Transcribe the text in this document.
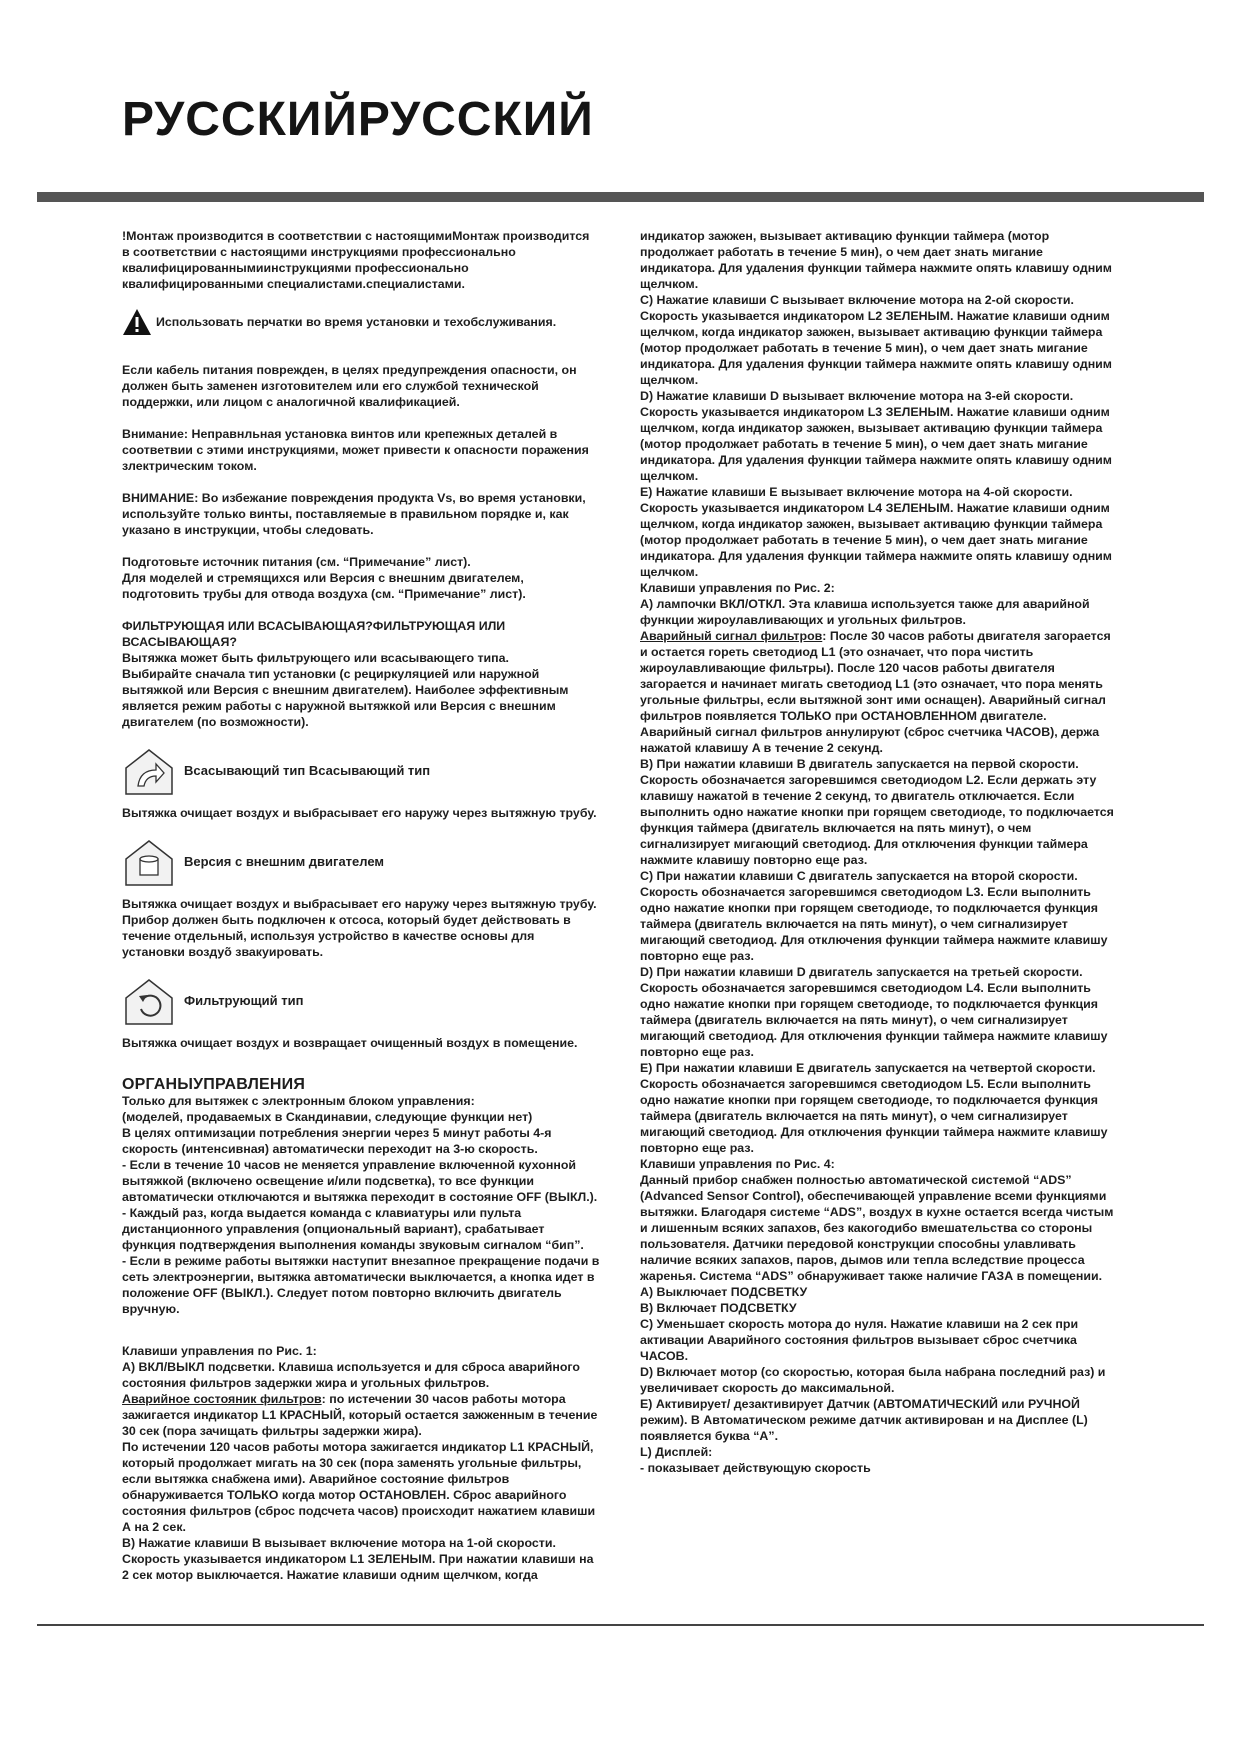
РУССКИЙРУССКИЙ

!Монтаж производится в соответствии с настоящимиМонтаж производится в соответствии с настоящими инструкциями профессионально квалифицированнымиинструкциями профессионально квалифицированными специалистами.специалистами.

Использовать перчатки во время установки и техобслуживания.

Если кабель питания поврежден, в целях предупреждения опасности, он должен быть заменен изготовителем или его службой технической поддержки, или лицом с аналогичной квалификацией.

Внимание: Неправнльная установка винтов или крепежных деталей в соответвии с этими инструкциями, может привести к опасности поражения злектрическим током.

ВНИМАНИЕ: Во избежание повреждения продукта Vs, во время установки, используйте только винты, поставляемые в правильном порядке и, как указано в инструкции, чтобы следовать.

Подготовьте источник питания (см. “Примечание” лист).

Для моделей и стремящихся или Версия с внешним двигателем, подготовить трубы для отвода воздуха (см. “Примечание” лист).

ФИЛЬТРУЮЩАЯ ИЛИ ВСАСЫВАЮЩАЯ?ФИЛЬТРУЮЩАЯ ИЛИ ВСАСЫВАЮЩАЯ?

Вытяжка может быть фильтрующего или всасывающего типа.

Выбирайте сначала тип установки (с рециркуляцией или наружной вытяжкой или Версия с внешним двигателем). Наиболее эффективным является режим работы с наружной вытяжкой или Версия с внешним двигателем (по возможности).

Всасывающий тип Всасывающий тип

Вытяжка очищает воздух и выбрасывает его наружу через вытяжную трубу.

Версия с внешним двигателем

Вытяжка очищает воздух и выбрасывает его наружу через вытяжную трубу. Прибор должен быть подключен к отсоса, который будет действовать в течение отдельный, используя устройство в качестве основы для установки воздуõ звакуировать.

Фильтрующий тип

Вытяжка очищает воздух и возвращает очищенный воздух в помещение.

ОРГАНЫУПРАВЛЕНИЯ

Только для вытяжек с электронным блоком управления:

(моделей, продаваемых в Скандинавии, следующие функции нет)

В целях оптимизации потребления энергии через 5 минут работы 4-я скорость (интенсивная) автоматически переходит на 3-ю скорость.

- Если в течение 10 часов не меняется управление включенной кухонной вытяжкой (включено освещение и/или подсветка), то все функции автоматически отключаются и вытяжка переходит в состояние OFF (ВЫКЛ.).

- Каждый раз, когда выдается команда с клавиатуры или пульта дистанционного управления (опциональный вариант), срабатывает функция подтверждения выполнения команды звуковым сигналом “бип”.

- Если в режиме работы вытяжки наступит внезапное прекращение подачи в сеть электроэнергии, вытяжка автоматически выключается, а кнопка идет в положение OFF (ВЫКЛ.). Следует потом повторно включить двигатель вручную.

Клавиши управления по Рис. 1:

A) ВКЛ/ВЫКЛ подсветки. Клавиша используется и для сброса аварийного состояния фильтров задержки жира и угольных фильтров.

Аварийное состояник фильтров: по истечении 30 часов работы мотора зажигается индикатор L1 КРАСНЫЙ, который остается зажженным в течение 30 сек (пора зачищать фильтры задержки жира).

По истечении 120 часов работы мотора зажигается индикатор L1 КРАСНЫЙ, который продолжает мигать на 30 сек (пора заменять угольные фильтры, если вытяжка снабжена ими). Аварийное состояние фильтров обнаруживается ТОЛЬКО когда мотор ОСТАНОВЛЕН. Сброс аварийного состояния фильтров (сброс подсчета часов) происходит нажатием клавиши А на 2 сек.

B) Нажатие клавиши B вызывает включение мотора на 1-ой скорости. Скорость указывается индикатором L1 ЗЕЛЕНЫМ. При нажатии клавиши на 2 сек мотор выключается. Нажатие клавиши одним щелчком, когда

индикатор зажжен, вызывает активацию функции таймера (мотор продолжает работать в течение 5 мин), о чем дает знать мигание индикатора. Для удаления функции таймера нажмите опять клавишу одним щелчком.

C) Нажатие клавиши C вызывает включение мотора на 2-ой скорости. Скорость указывается индикатором L2 ЗЕЛЕНЫМ. Нажатие клавиши одним щелчком, когда индикатор зажжен, вызывает активацию функции таймера (мотор продолжает работать в течение 5 мин), о чем дает знать мигание индикатора. Для удаления функции таймера нажмите опять клавишу одним щелчком.

D) Нажатие клавиши D вызывает включение мотора на 3-ей скорости. Скорость указывается индикатором L3 ЗЕЛЕНЫМ. Нажатие клавиши одним щелчком, когда индикатор зажжен, вызывает активацию функции таймера (мотор продолжает работать в течение 5 мин), о чем дает знать мигание индикатора. Для удаления функции таймера нажмите опять клавишу одним щелчком.

E) Нажатие клавиши E вызывает включение мотора на 4-ой скорости. Скорость указывается индикатором L4 ЗЕЛЕНЫМ. Нажатие клавиши одним щелчком, когда индикатор зажжен, вызывает активацию функции таймера (мотор продолжает работать в течение 5 мин), о чем дает знать мигание индикатора. Для удаления функции таймера нажмите опять клавишу одним щелчком.

Клавиши управления по Рис. 2:

A) лампочки ВКЛ/ОТКЛ. Эта клавиша используется также для аварийной функции жироулавливающих и угольных фильтров.

Аварийный сигнал фильтров: После 30 часов работы двигателя загорается и остается гореть светодиод L1 (это означает, что пора чистить жироулавливающие фильтры). После 120 часов работы двигателя загорается и начинает мигать светодиод L1 (это означает, что пора менять угольные фильтры, если вытяжной зонт ими оснащен). Аварийный сигнал фильтров появляется ТОЛЬКО при ОСТАНОВЛЕННОМ двигателе. Аварийный сигнал фильтров аннулируют (сброс счетчика ЧАСОВ), держа нажатой клавишу A в течение 2 секунд.

B) При нажатии клавиши B двигатель запускается на первой скорости. Скорость обозначается загоревшимся светодиодом L2. Если держать эту клавишу нажатой в течение 2 секунд, то двигатель отключается. Если выполнить одно нажатие кнопки при горящем светодиоде, то подключается функция таймера (двигатель включается на пять минут), о чем сигнализирует мигающий светодиод. Для отключения функции таймера нажмите клавишу повторно еще раз.

C) При нажатии клавиши C двигатель запускается на второй скорости. Скорость обозначается загоревшимся светодиодом L3. Если выполнить одно нажатие кнопки при горящем светодиоде, то подключается функция таймера (двигатель включается на пять минут), о чем сигнализирует мигающий светодиод. Для отключения функции таймера нажмите клавишу повторно еще раз.

D) При нажатии клавиши D двигатель запускается на третьей скорости. Скорость обозначается загоревшимся светодиодом L4. Если выполнить одно нажатие кнопки при горящем светодиоде, то подключается функция таймера (двигатель включается на пять минут), о чем сигнализирует мигающий светодиод. Для отключения функции таймера нажмите клавишу повторно еще раз.

E) При нажатии клавиши E двигатель запускается на четвертой скорости. Скорость обозначается загоревшимся светодиодом L5. Если выполнить одно нажатие кнопки при горящем светодиоде, то подключается функция таймера (двигатель включается на пять минут), о чем сигнализирует мигающий светодиод. Для отключения функции таймера нажмите клавишу повторно еще раз.

Клавиши управления по Рис. 4:

Данный прибор снабжен полностью автоматической системой “ADS” (Advanced Sensor Control), обеспечивающей управление всеми функциями вытяжки. Благодаря системе “ADS”, воздух в кухне остается всегда чистым и лишенным всяких запахов, без какогодибо вмешательства со стороны пользователя. Датчики передовой конструкции способны улавливать наличие всяких запахов, паров, дымов или тепла вследствие процесса жаренья. Система “ADS” обнаруживает также наличие ГАЗА в помещении.

A) Выключает ПОДСВЕТКУ

B) Включает ПОДСВЕТКУ

C) Уменьшает скорость мотора до нуля. Нажатие клавиши на 2 сек при активации Аварийного состояния фильтров вызывает сброс счетчика ЧАСОВ.

D) Включает мотор (со скоростью, которая была набрана последний раз) и увеличивает скорость до максимальной.

E) Активирует/ дезактивирует Датчик (АВТОМАТИЧЕСКИЙ или РУЧНОЙ режим). В Автоматическом режиме датчик активирован и на Дисплее (L) появляется буква “A”.

L) Дисплей:

- показывает действующую скорость
